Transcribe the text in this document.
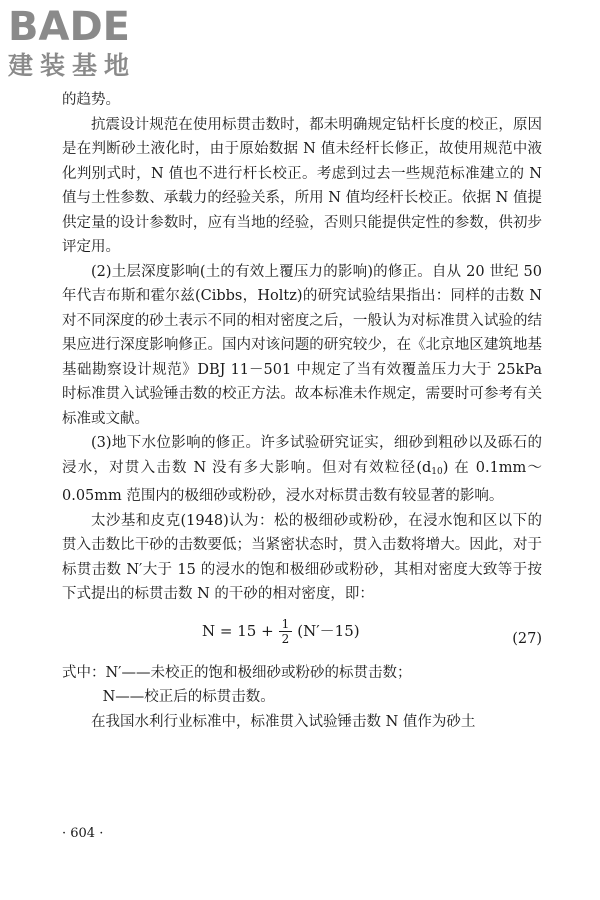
BADE
建装基地

的趋势。

抗震设计规范在使用标贯击数时，都未明确规定钻杆长度的校正，原因是在判断砂土液化时，由于原始数据 N 值未经杆长修正，故使用规范中液化判别式时，N 值也不进行杆长校正。考虑到过去一些规范标准建立的 N 值与土性参数、承载力的经验关系，所用 N 值均经杆长校正。依据 N 值提供定量的设计参数时，应有当地的经验，否则只能提供定性的参数，供初步评定用。

(2)土层深度影响(土的有效上覆压力的影响)的修正。自从 20 世纪 50 年代吉布斯和霍尔兹(Cibbs，Holtz)的研究试验结果指出：同样的击数 N 对不同深度的砂土表示不同的相对密度之后，一般认为对标准贯入试验的结果应进行深度影响修正。国内对该问题的研究较少，在《北京地区建筑地基基础勘察设计规范》DBJ 11－501 中规定了当有效覆盖压力大于 25kPa 时标准贯入试验锤击数的校正方法。故本标准未作规定，需要时可参考有关标准或文献。

(3)地下水位影响的修正。许多试验研究证实，细砂到粗砂以及砾石的浸水，对贯入击数 N 没有多大影响。但对有效粒径$(d_{10})$ 在 0.1mm～0.05mm 范围内的极细砂或粉砂，浸水对标贯击数有较显著的影响。

太沙基和皮克(1948)认为：松的极细砂或粉砂，在浸水饱和区以下的贯入击数比干砂的击数要低；当紧密状态时，贯入击数将增大。因此，对于标贯击数 N′大于 15 的浸水的饱和极细砂或粉砂，其相对密度大致等于按下式提出的标贯击数 N 的干砂的相对密度，即：

$N = 15 + \frac{1}{2} (N'-15)$	(27)

式中：N′——未校正的饱和极细砂或粉砂的标贯击数；

N——校正后的标贯击数。

在我国水利行业标准中，标准贯入试验锤击数 N 值作为砂土

· 604 ·
